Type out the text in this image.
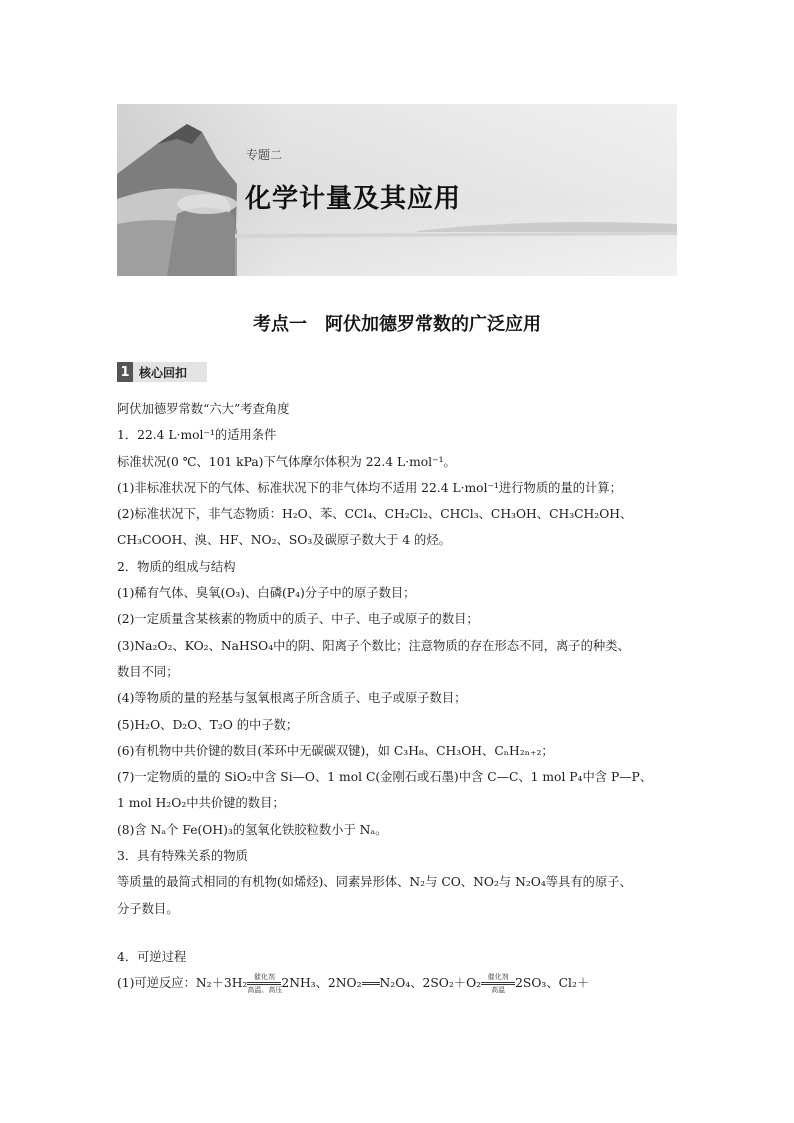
专题二
化学计量及其应用
考点一　阿伏加德罗常数的广泛应用
1 核心回扣
阿伏加德罗常数“六大”考查角度
1．22.4 L·mol⁻¹的适用条件
标准状况(0 ℃、101 kPa)下气体摩尔体积为 22.4 L·mol⁻¹。
(1)非标准状况下的气体、标准状况下的非气体均不适用 22.4 L·mol⁻¹进行物质的量的计算；
(2)标准状况下，非气态物质：H₂O、苯、CCl₄、CH₂Cl₂、CHCl₃、CH₃OH、CH₃CH₂OH、
CH₃COOH、溴、HF、NO₂、SO₃及碳原子数大于 4 的烃。
2．物质的组成与结构
(1)稀有气体、臭氧(O₃)、白磷(P₄)分子中的原子数目；
(2)一定质量含某核素的物质中的质子、中子、电子或原子的数目；
(3)Na₂O₂、KO₂、NaHSO₄中的阴、阳离子个数比；注意物质的存在形态不同，离子的种类、
数目不同；
(4)等物质的量的羟基与氢氧根离子所含质子、电子或原子数目；
(5)H₂O、D₂O、T₂O 的中子数；
(6)有机物中共价键的数目(苯环中无碳碳双键)，如 C₃H₈、CH₃OH、CₙH₂ₙ₊₂；
(7)一定物质的量的 SiO₂中含 Si—O、1 mol C(金刚石或石墨)中含 C—C、1 mol P₄中含 P—P、
1 mol H₂O₂中共价键的数目；
(8)含 Nₐ个 Fe(OH)₃的氢氧化铁胶粒数小于 Nₐ。
3．具有特殊关系的物质
等质量的最简式相同的有机物(如烯烃)、同素异形体、N₂与 CO、NO₂与 N₂O₄等具有的原子、
分子数目。
4．可逆过程
(1)可逆反应：N₂＋3H₂ 催化剂
高温、高压2NH₃、2NO₂ N₂O₄、2SO₂＋O₂ 催化剂
高温 2SO₃、Cl₂＋
